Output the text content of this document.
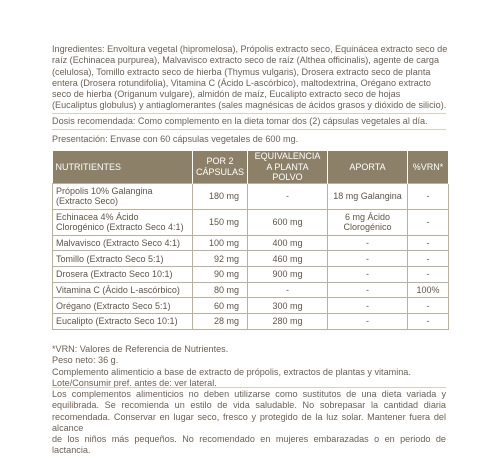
Ingredientes: Envoltura vegetal (hipromelosa), Própolis extracto seco, Equinácea extracto seco de
raíz (Echinacea purpurea), Malvavisco extracto seco de raíz (Althea officinalis), agente de carga
(celulosa), Tomillo extracto seco de hierba (Thymus vulgaris), Drosera extracto seco de planta
entera (Drosera rotundifolia), Vitamina C (Ácido L-ascórbico), maltodextrina, Orégano extracto
seco de hierba (Origanum vulgare), almidón de maíz, Eucalipto extracto seco de hojas
(Eucaliptus globulus) y antiaglomerantes (sales magnésicas de ácidos grasos y dióxido de silicio).
Dosis recomendada: Como complemento en la dieta tomar dos (2) cápsulas vegetales al día.
Presentación: Envase con 60 cápsulas vegetales de 600 mg.
NUTRITIENTES	POR 2 CÁPSULAS	EQUIVALENCIA A PLANTA POLVO	APORTA	%VRN*
Própolis 10% Galangina (Extracto Seco)	180 mg	-	18 mg Galangina	-
Echinacea 4% Ácido Clorogénico (Extracto Seco 4:1)	150 mg	600 mg	6 mg Ácido Clorogénico	-
Malvavisco (Extracto Seco 4:1)	100 mg	400 mg	-	-
Tomillo (Extracto Seco 5:1)	92 mg	460 mg	-	-
Drosera (Extracto Seco 10:1)	90 mg	900 mg	-	-
Vitamina C (Ácido L-ascórbico)	80 mg	-	-	100%
Orégano (Extracto Seco 5:1)	60 mg	300 mg	-	-
Eucalipto (Extracto Seco 10:1)	28 mg	280 mg	-	-
*VRN: Valores de Referencia de Nutrientes.
Peso neto: 36 g.
Complemento alimenticio a base de extracto de própolis, extractos de plantas y vitamina.
Lote/Consumir pref. antes de: ver lateral.
Los complementos alimenticios no deben utilizarse como sustitutos de una dieta variada y
equilibrada. Se recomienda un estilo de vida saludable. No sobrepasar la cantidad diaria
recomendada. Conservar en lugar seco, fresco y protegido de la luz solar. Mantener fuera del alcance
de los niños más pequeños. No recomendado en mujeres embarazadas o en periodo de lactancia.
